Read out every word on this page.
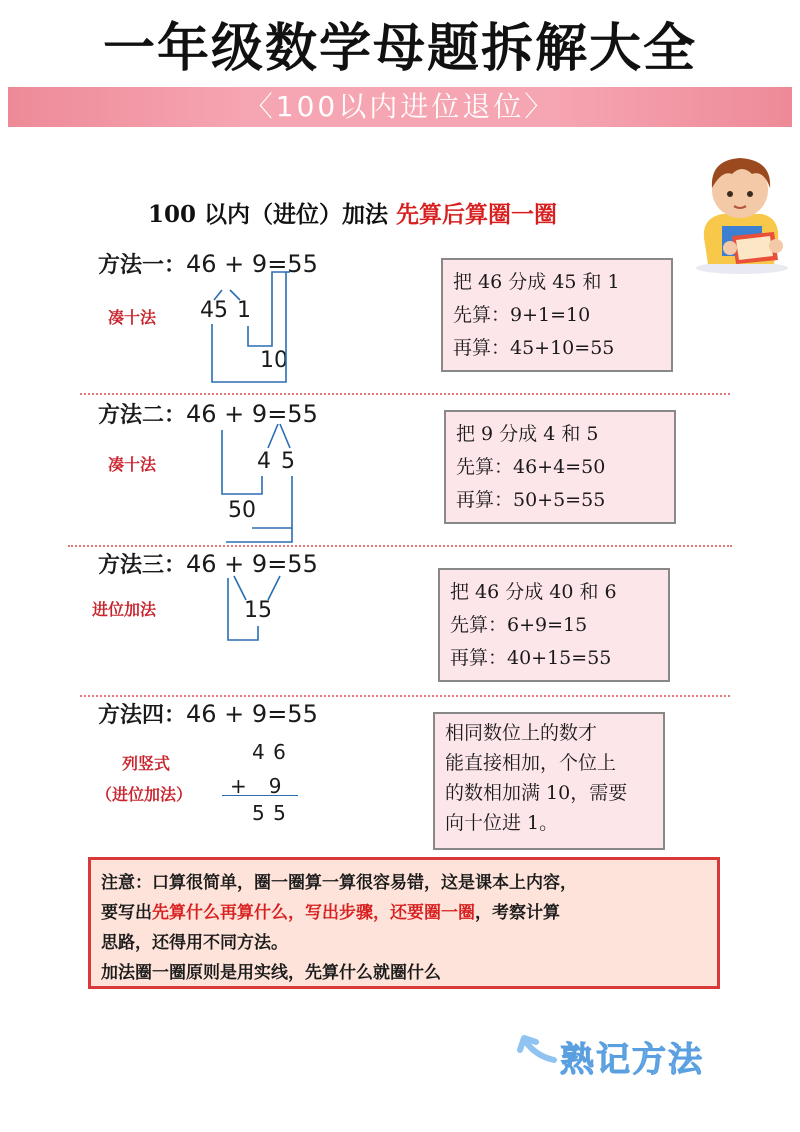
一年级数学母题拆解大全
〈100以内进位退位〉
100 以内（进位）加法 先算后算圈一圈
方法一：46 + 9=55
凑十法 45 1
10
把 46 分成 45 和 1
先算：9+1=10
再算：45+10=55
方法二：46 + 9=55
凑十法	4 5
50
把 9 分成 4 和 5
先算：46+4=50
再算：50+5=55
方法三：46 + 9=55
进位加法	15
把 46 分成 40 和 6
先算：6+9=15
再算：40+15=55
方法四：46 + 9=55
列竖式
（进位加法）
4 6
+　9
5 5
相同数位上的数才
能直接相加，个位上
的数相加满 10，需要
向十位进 1。
注意：口算很简单，圈一圈算一算很容易错，这是课本上内容，
要写出先算什么再算什么，写出步骤，还要圈一圈，考察计算
思路，还得用不同方法。
加法圈一圈原则是用实线，先算什么就圈什么
熟记方法
